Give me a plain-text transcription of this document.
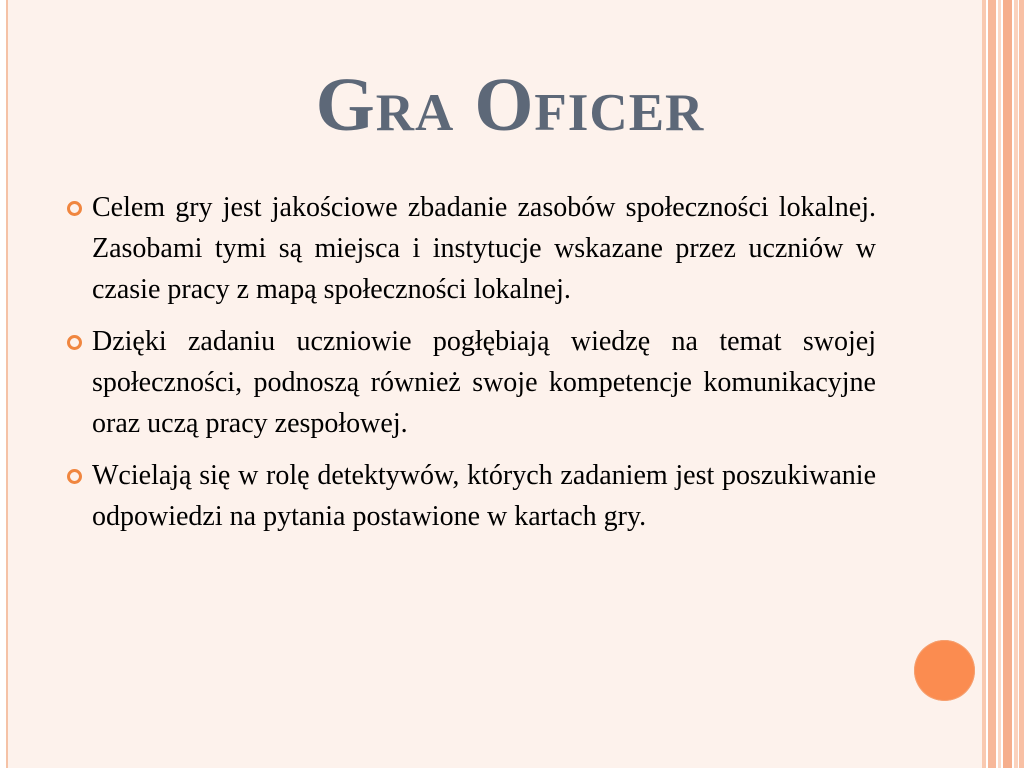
Gra Oficer
Celem gry jest jakościowe zbadanie zasobów społeczności lokalnej. Zasobami tymi są miejsca i instytucje wskazane przez uczniów w czasie pracy z mapą społeczności lokalnej.
Dzięki zadaniu uczniowie pogłębiają wiedzę na temat swojej społeczności, podnoszą również swoje kompetencje komunikacyjne oraz uczą pracy zespołowej.
Wcielają się w rolę detektywów, których zadaniem jest poszukiwanie odpowiedzi na pytania postawione w kartach gry.
